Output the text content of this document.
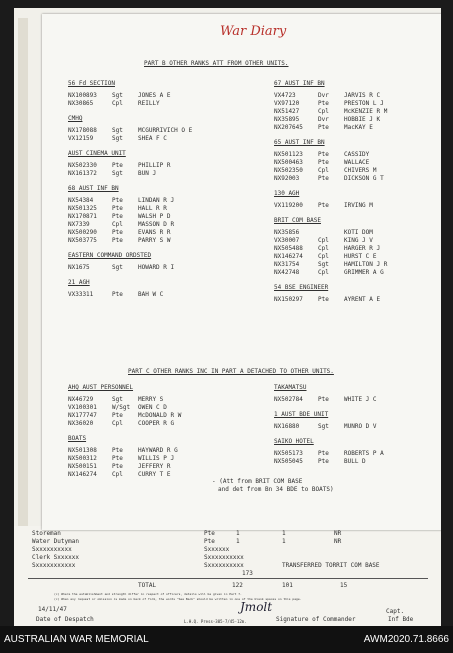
Storeman	Pte	1	1	NR
Water Dutyman	Pte	1	1	NR
Sxxxxxxxxxx	Sxxxxxx
Clerk Sxxxxxx	Sxxxxxxxxxx
Sxxxxxxxxxxx	Sxxxxxxxxxx	TRANSFERRED TORRIT COM BASE
TOTAL	122	101	15
173
(c) Where the establishment and strength differ in respect of officers, details will be given in Part 7.
(c) When any request or omission is made on back of form, the words "See Back" should be written in one of the blank spaces on this page.
14/11/47
Date of Despatch	L.H.Q. Press-305-7/45-12m.
Jmolt	Capt.
Signature of Commander	Inf Bde
War Diary
PART B OTHER RANKS ATT FROM OTHER UNITS.
PART C OTHER RANKS INC IN PART A DETACHED TO OTHER UNITS.
- (Att from BRIT COM BASE
and det from Bn 34 BDE to BOATS)
56 Fd SECTION
NX100893	Sgt	JONES A E
NX30865	Cpl	REILLY
CMHQ
NX178088	Sgt	MCGURRIVICH O E
VX12159	Sgt	SHEA F C
AUST CINEMA UNIT
NX502330	Pte	PHILLIP R
NX161372	Sgt	BUN J
68 AUST INF BN
NX54384	Pte	LINDAN R J
NX501325	Pte	HALL R R
NX170871	Pte	WALSH P D
NX7339	Cpl	MASSON D R
NX500290	Pte	EVANS R R
NX503775	Pte	PARRY S W
EASTERN COMMAND ORDSTED
NX1675	Sgt	HOWARD R I
21 AGH
VX33311	Pte	BAH W C
67 AUST INF BN
VX4723	Dvr	JARVIS R C
VX97120	Pte	PRESTON L J
NX51427	Cpl	McKENZIE R M
NX35895	Dvr	HOBBIE J K
NX207645	Pte	MacKAY E
65 AUST INF BN
NX501123	Pte	CASSIDY
NX500463	Pte	WALLACE
NX502350	Cpl	CHIVERS M
NX92003	Pte	DICKSON G T
130 AGH
VX119200	Pte	IRVING M
BRIT COM BASE
NX35856	KOTI DOM
VX30007	Cpl	KING J V
NX505488	Cpl	HARGER R J
NX146274	Cpl	HURST C E
NX31754	Sgt	HAMILTON J R
NX42748	Cpl	GRIMMER A G
54 BSE ENGINEER
NX150297	Pte	AYRENT A E
AHQ AUST PERSONNEL
NX46729	Sgt	MERRY S
VX100301	W/Sgt OWEN C D
NX177747	Pte	McDONALD R W
NX36020	Cpl	COOPER R G
BOATS
NX501308	Pte	HAYWARD R G
NX500312	Pte	WILLIS P J
NX500151	Pte	JEFFERY R
NX146274	Cpl	CURRY T E
TAKAMATSU
NX502784	Pte	WHITE J C
1 AUST BDE UNIT
NX16880	Sgt	MUNRO D V
SAIKO HOTEL
NX505173	Pte	ROBERTS P A
NX505045	Pte	BULL D
AUSTRALIAN WAR MEMORIAL	AWM2020.71.8666
